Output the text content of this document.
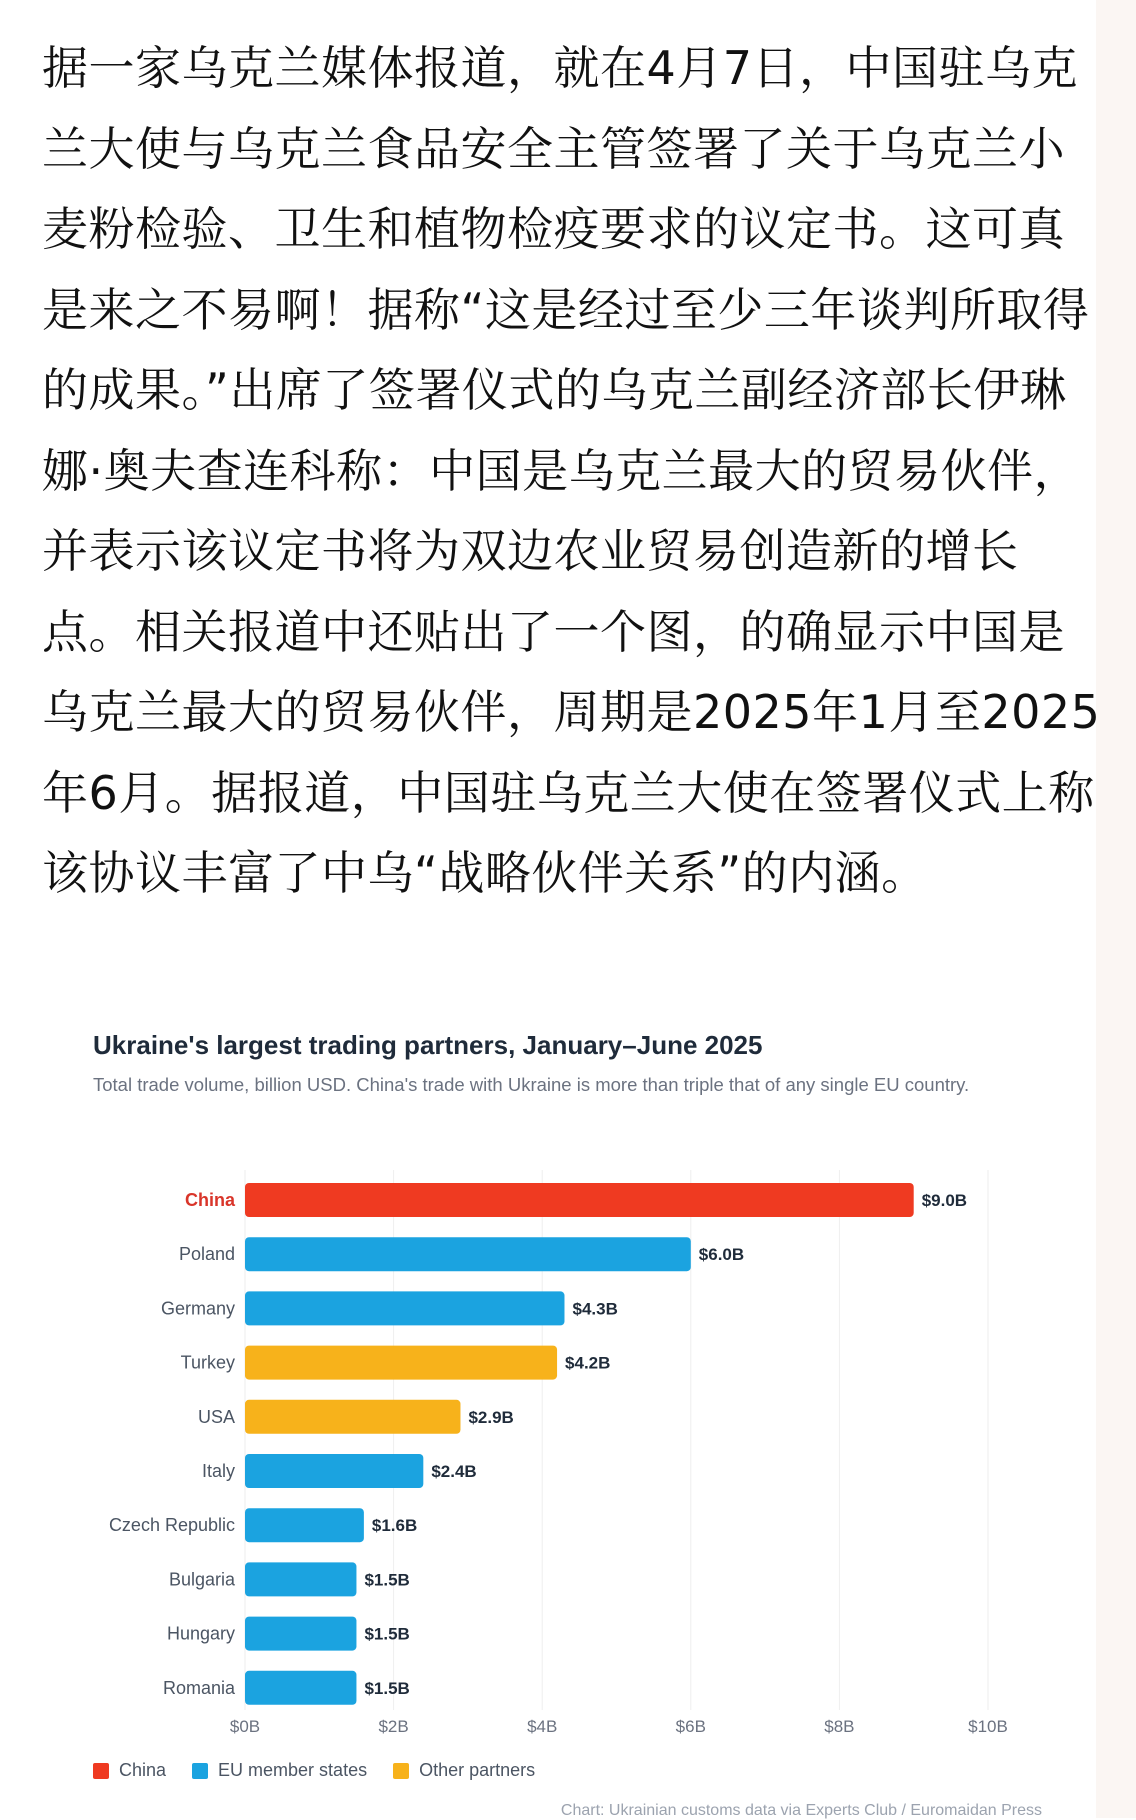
据一家乌克兰媒体报道，就在4月7日，中国驻乌克兰大使与乌克兰食品安全主管签署了关于乌克兰小麦粉检验、卫生和植物检疫要求的议定书。这可真是来之不易啊！据称“这是经过至少三年谈判所取得的成果。”出席了签署仪式的乌克兰副经济部长伊琳娜·奥夫查连科称：中国是乌克兰最大的贸易伙伴，并表示该议定书将为双边农业贸易创造新的增长点。相关报道中还贴出了一个图，的确显示中国是乌克兰最大的贸易伙伴，周期是2025年1月至2025年6月。据报道，中国驻乌克兰大使在签署仪式上称该协议丰富了中乌“战略伙伴关系”的内涵。

Ukraine's largest trading partners, January–June 2025

Total trade volume, billion USD. China's trade with Ukraine is more than triple that of any single EU country.

$0B	$2B	$4B	$6B	$8B	$10B
China	$9.0B
Poland	$6.0B
Germany	$4.3B
Turkey	$4.2B
USA	$2.9B
Italy	$2.4B
Czech Republic	$1.6B
Bulgaria	$1.5B
Hungary	$1.5B
Romania	$1.5B
China	EU member states	Other partners
Chart: Ukrainian customs data via Experts Club / Euromaidan Press
